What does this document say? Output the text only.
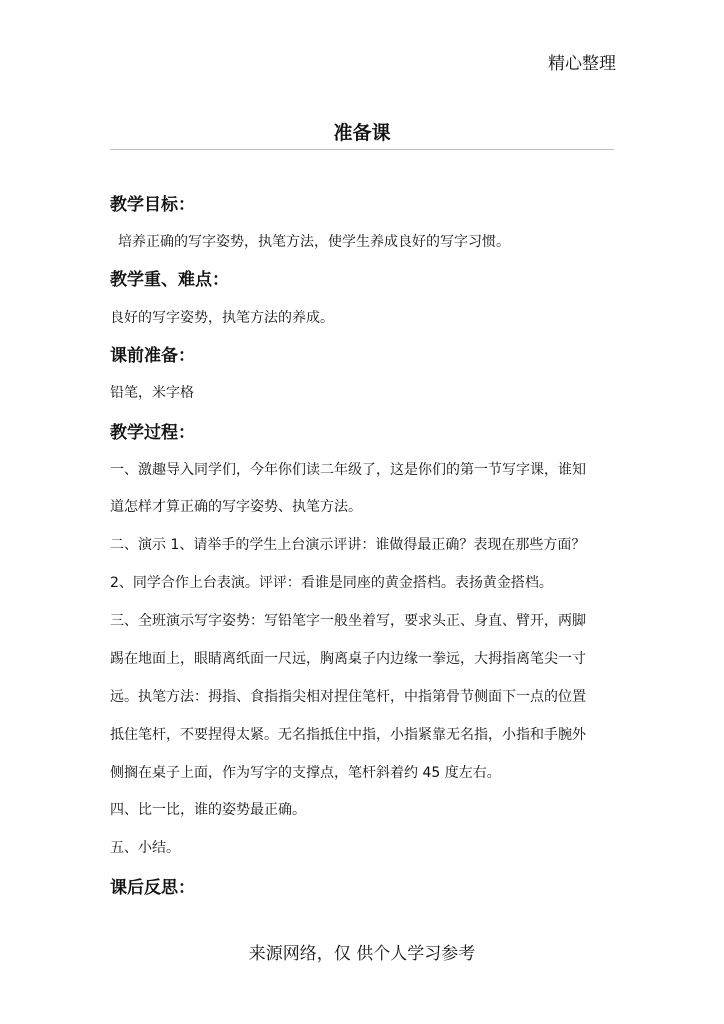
精心整理
准备课
教学目标：
培养正确的写字姿势，执笔方法，使学生养成良好的写字习惯。
教学重、难点：
良好的写字姿势，执笔方法的养成。
课前准备：
铅笔，米字格
教学过程：
一、激趣导入同学们，今年你们读二年级了，这是你们的第一节写字课，谁知
道怎样才算正确的写字姿势、执笔方法。
二、演示 1、请举手的学生上台演示评讲：谁做得最正确？表现在那些方面？
2、同学合作上台表演。评评：看谁是同座的黄金搭档。表扬黄金搭档。
三、全班演示写字姿势：写铅笔字一般坐着写，要求头正、身直、臂开，两脚
踢在地面上，眼睛离纸面一尺远，胸离桌子内边缘一拳远，大拇指离笔尖一寸
远。执笔方法：拇指、食指指尖相对捏住笔杆，中指第骨节侧面下一点的位置
抵住笔杆，不要捏得太紧。无名指抵住中指，小指紧靠无名指，小指和手腕外
侧搁在桌子上面，作为写字的支撑点，笔杆斜着约 45 度左右。
四、比一比，谁的姿势最正确。
五、小结。
课后反思：
来源网络，仅 供个人学习参考
